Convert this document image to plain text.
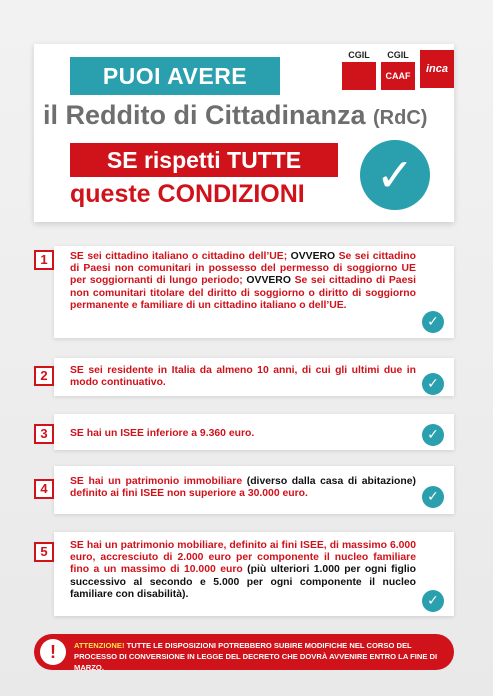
CGIL	CGIL
CAAF
inca
PUOI AVERE
il Reddito di Cittadinanza (RdC)
SE rispetti TUTTE
queste CONDIZIONI	✓
1	SE sei cittadino italiano o cittadino dell’UE; OVVERO Se sei cittadino di Paesi non comunitari in possesso del permesso di soggiorno UE per soggiornanti di lungo periodo; OVVERO Se sei cittadino di Paesi non comunitari titolare del diritto di soggiorno o diritto di soggiorno permanente e familiare di un cittadino italiano o dell’UE.
✓
2	SE sei residente in Italia da almeno 10 anni, di cui gli ultimi due in modo continuativo.	✓
3	SE hai un ISEE inferiore a 9.360 euro.	✓
4	SE hai un patrimonio immobiliare (diverso dalla casa di abitazione) definito ai fini ISEE non superiore a 30.000 euro.	✓
5	SE hai un patrimonio mobiliare, definito ai fini ISEE, di massimo 6.000 euro, accresciuto di 2.000 euro per componente il nucleo familiare fino a un massimo di 10.000 euro (più ulteriori 1.000 per ogni figlio successivo al secondo e 5.000 per ogni componente il nucleo familiare con disabilità).	✓
!	ATTENZIONE! TUTTE LE DISPOSIZIONI POTREBBERO SUBIRE MODIFICHE NEL CORSO DEL PROCESSO DI CONVERSIONE IN LEGGE DEL DECRETO CHE DOVRÀ AVVENIRE ENTRO LA FINE DI MARZO.
